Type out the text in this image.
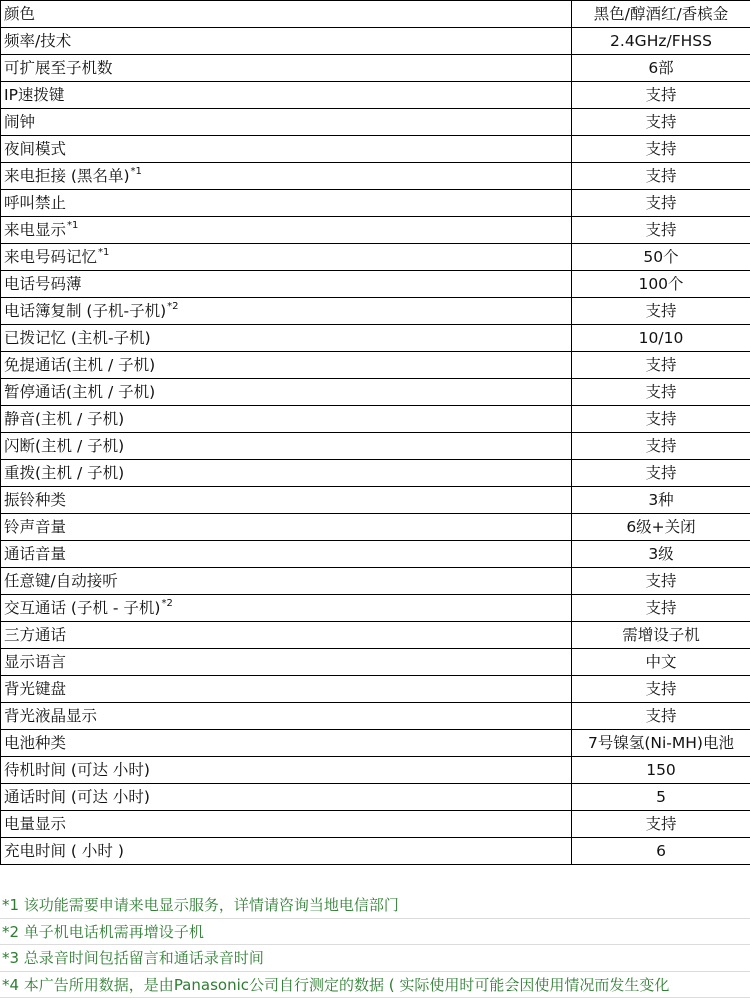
颜色	黑色/醇酒红/香槟金
频率/技术	2.4GHz/FHSS
可扩展至子机数	6部
IP速拨键	支持
闹钟	支持
夜间模式	支持
来电拒接 (黑名单)$^{*1}$	支持
呼叫禁止	支持
来电显示$^{*1}$	支持
来电号码记忆$^{*1}$	50个
电话号码薄	100个
电话簿复制 (子机-子机)$^{*2}$	支持
已拨记忆 (主机-子机)	10/10
免提通话(主机 / 子机)	支持
暂停通话(主机 / 子机)	支持
静音(主机 / 子机)	支持
闪断(主机 / 子机)	支持
重拨(主机 / 子机)	支持
振铃种类	3种
铃声音量	6级+关闭
通话音量	3级
任意键/自动接听	支持
交互通话 (子机 - 子机)$^{*2}$	支持
三方通话	需增设子机
显示语言	中文
背光键盘	支持
背光液晶显示	支持
电池种类	7号镍氢(Ni-MH)电池
待机时间 (可达 小时)	150
通话时间 (可达 小时)	5
电量显示	支持
充电时间 ( 小时 )	6
*1 该功能需要申请来电显示服务，详情请咨询当地电信部门
*2 单子机电话机需再增设子机
*3 总录音时间包括留言和通话录音时间
*4 本广告所用数据，是由Panasonic公司自行测定的数据 ( 实际使用时可能会因使用情况而发生变化
